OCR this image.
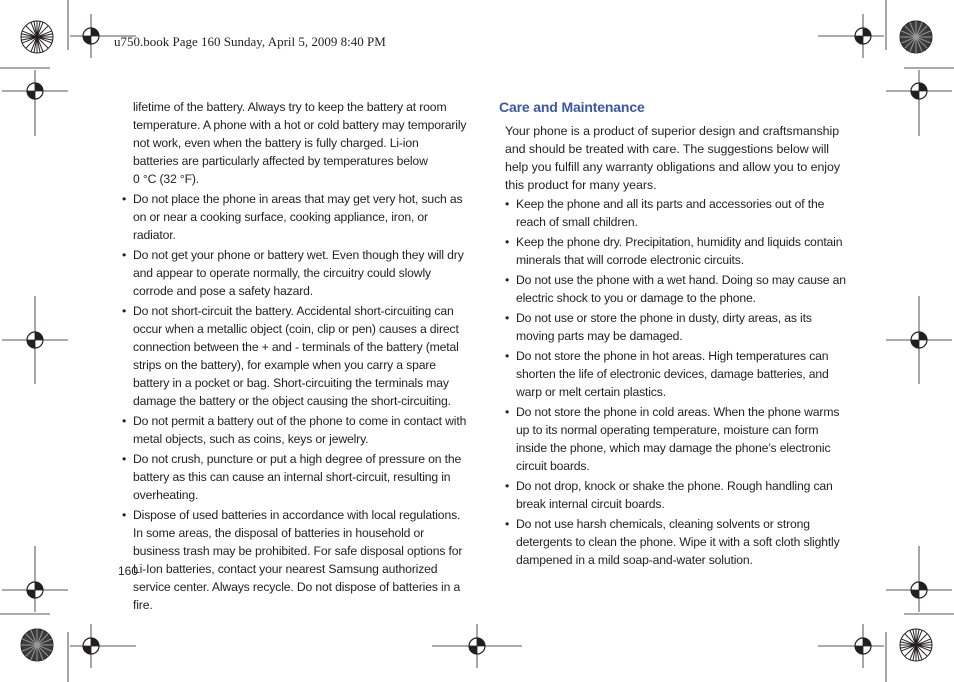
u750.book Page 160 Sunday, April 5, 2009 8:40 PM

lifetime of the battery. Always try to keep the battery at room temperature. A phone with a hot or cold battery may temporarily not work, even when the battery is fully charged. Li-ion batteries are particularly affected by temperatures below

0 °C (32 °F).

• Do not place the phone in areas that may get very hot, such as on or near a cooking surface, cooking appliance, iron, or radiator.
• Do not get your phone or battery wet. Even though they will dry and appear to operate normally, the circuitry could slowly corrode and pose a safety hazard.
• Do not short-circuit the battery. Accidental short-circuiting can occur when a metallic object (coin, clip or pen) causes a direct connection between the + and - terminals of the battery (metal strips on the battery), for example when you carry a spare battery in a pocket or bag. Short-circuiting the terminals may damage the battery or the object causing the short-circuiting.
• Do not permit a battery out of the phone to come in contact with metal objects, such as coins, keys or jewelry.
• Do not crush, puncture or put a high degree of pressure on the battery as this can cause an internal short-circuit, resulting in overheating.
• Dispose of used batteries in accordance with local regulations. In some areas, the disposal of batteries in household or business trash may be prohibited. For safe disposal options for Li-Ion batteries, contact your nearest Samsung authorized service center. Always recycle. Do not dispose of batteries in a fire.
Care and Maintenance

Your phone is a product of superior design and craftsmanship and should be treated with care. The suggestions below will help you fulfill any warranty obligations and allow you to enjoy this product for many years.

• Keep the phone and all its parts and accessories out of the reach of small children.
• Keep the phone dry. Precipitation, humidity and liquids contain minerals that will corrode electronic circuits.
• Do not use the phone with a wet hand. Doing so may cause an electric shock to you or damage to the phone.
• Do not use or store the phone in dusty, dirty areas, as its moving parts may be damaged.
• Do not store the phone in hot areas. High temperatures can shorten the life of electronic devices, damage batteries, and warp or melt certain plastics.
• Do not store the phone in cold areas. When the phone warms up to its normal operating temperature, moisture can form inside the phone, which may damage the phone’s electronic circuit boards.
• Do not drop, knock or shake the phone. Rough handling can break internal circuit boards.
• Do not use harsh chemicals, cleaning solvents or strong detergents to clean the phone. Wipe it with a soft cloth slightly dampened in a mild soap-and-water solution.
160
